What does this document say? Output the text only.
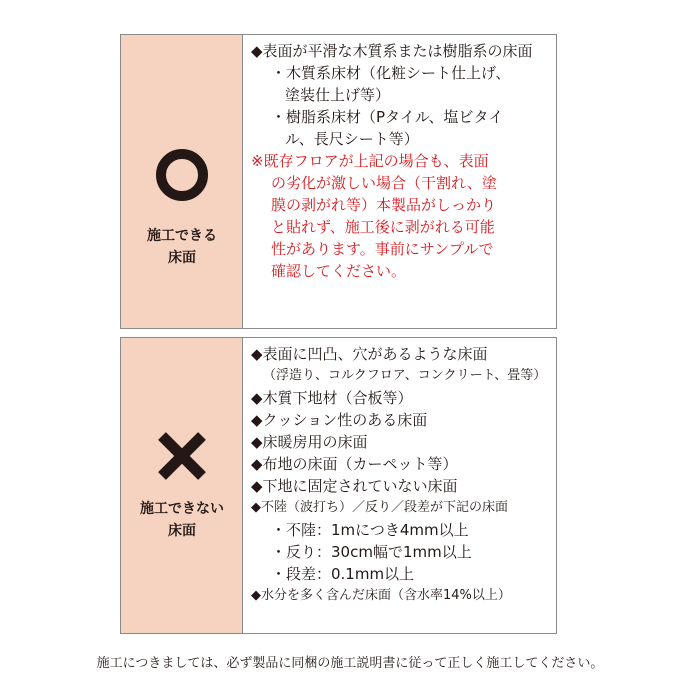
施工できる
床面
◆表面が平滑な木質系または樹脂系の床面
・木質系床材（化粧シート仕上げ、
塗装仕上げ等）
・樹脂系床材（Pタイル、塩ビタイ
ル、長尺シート等）
※既存フロアが上記の場合も、表面
の劣化が激しい場合（干割れ、塗
膜の剥がれ等）本製品がしっかり
と貼れず、施工後に剥がれる可能
性があります。事前にサンプルで
確認してください。
施工できない
床面
◆表面に凹凸、穴があるような床面
（浮造り、コルクフロア、コンクリート、畳等）
◆木質下地材（合板等）
◆クッション性のある床面
◆床暖房用の床面
◆布地の床面（カーペット等）
◆下地に固定されていない床面
◆不陸（波打ち）／反り／段差が下記の床面
・不陸：1mにつき4mm以上
・反り：30cm幅で1mm以上
・段差：0.1mm以上
◆水分を多く含んだ床面（含水率14%以上）
施工につきましては、必ず製品に同梱の施工説明書に従って正しく施工してください。
